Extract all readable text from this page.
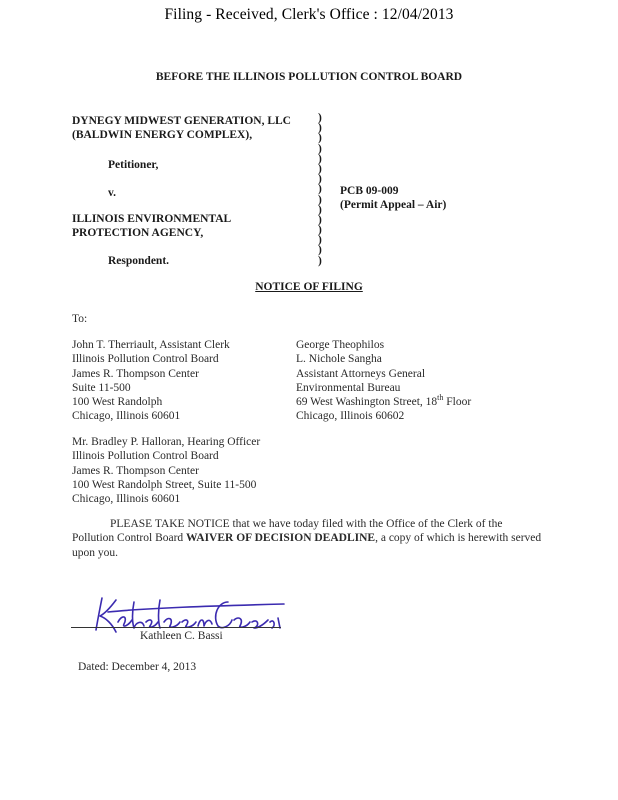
Filing - Received, Clerk's Office : 12/04/2013
BEFORE THE ILLINOIS POLLUTION CONTROL BOARD
DYNEGY MIDWEST GENERATION, LLC
(BALDWIN ENERGY COMPLEX),
Petitioner,
v.
ILLINOIS ENVIRONMENTAL
PROTECTION AGENCY,
Respondent.
)
)
)
)
)
)
)
)
)
)
)
)
)
)
)
PCB 09-009
(Permit Appeal – Air)
NOTICE OF FILING
To:
John T. Therriault, Assistant Clerk
Illinois Pollution Control Board
James R. Thompson Center
Suite 11-500
100 West Randolph
Chicago, Illinois 60601
George Theophilos
L. Nichole Sangha
Assistant Attorneys General
Environmental Bureau
69 West Washington Street, 18th Floor
Chicago, Illinois 60602
Mr. Bradley P. Halloran, Hearing Officer
Illinois Pollution Control Board
James R. Thompson Center
100 West Randolph Street, Suite 11-500
Chicago, Illinois 60601
PLEASE TAKE NOTICE that we have today filed with the Office of the Clerk of the Pollution Control Board WAIVER OF DECISION DEADLINE, a copy of which is herewith served upon you.
Kathleen C. Bassi
Dated: December 4, 2013
